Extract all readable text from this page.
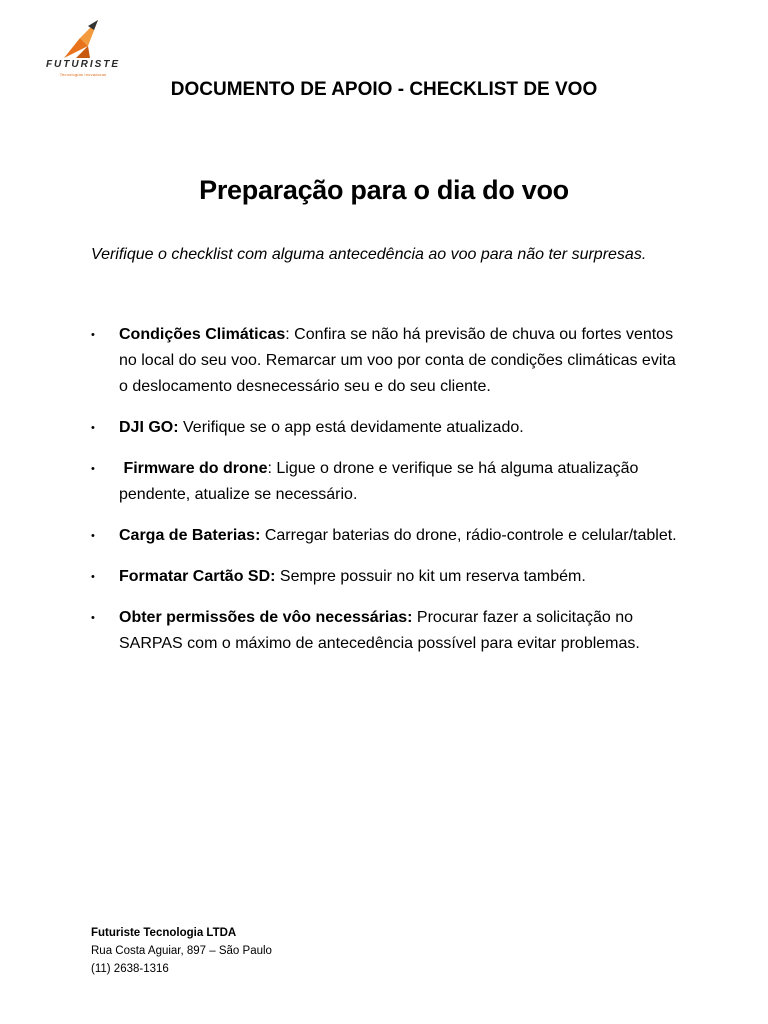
FUTURISTE
Tecnologias Inovadoras
DOCUMENTO DE APOIO - CHECKLIST DE VOO
Preparação para o dia do voo
Verifique o checklist com alguma antecedência ao voo para não ter surpresas.
• Condições Climáticas: Confira se não há previsão de chuva ou fortes ventos no local do seu voo. Remarcar um voo por conta de condições climáticas evita o deslocamento desnecessário seu e do seu cliente.
• DJI GO: Verifique se o app está devidamente atualizado.
• Firmware do drone: Ligue o drone e verifique se há alguma atualização pendente, atualize se necessário.
• Carga de Baterias: Carregar baterias do drone, rádio-controle e celular/tablet.
• Formatar Cartão SD: Sempre possuir no kit um reserva também.
• Obter permissões de vôo necessárias: Procurar fazer a solicitação no SARPAS com o máximo de antecedência possível para evitar problemas.
Futuriste Tecnologia LTDA
Rua Costa Aguiar, 897 – São Paulo
(11) 2638-1316
